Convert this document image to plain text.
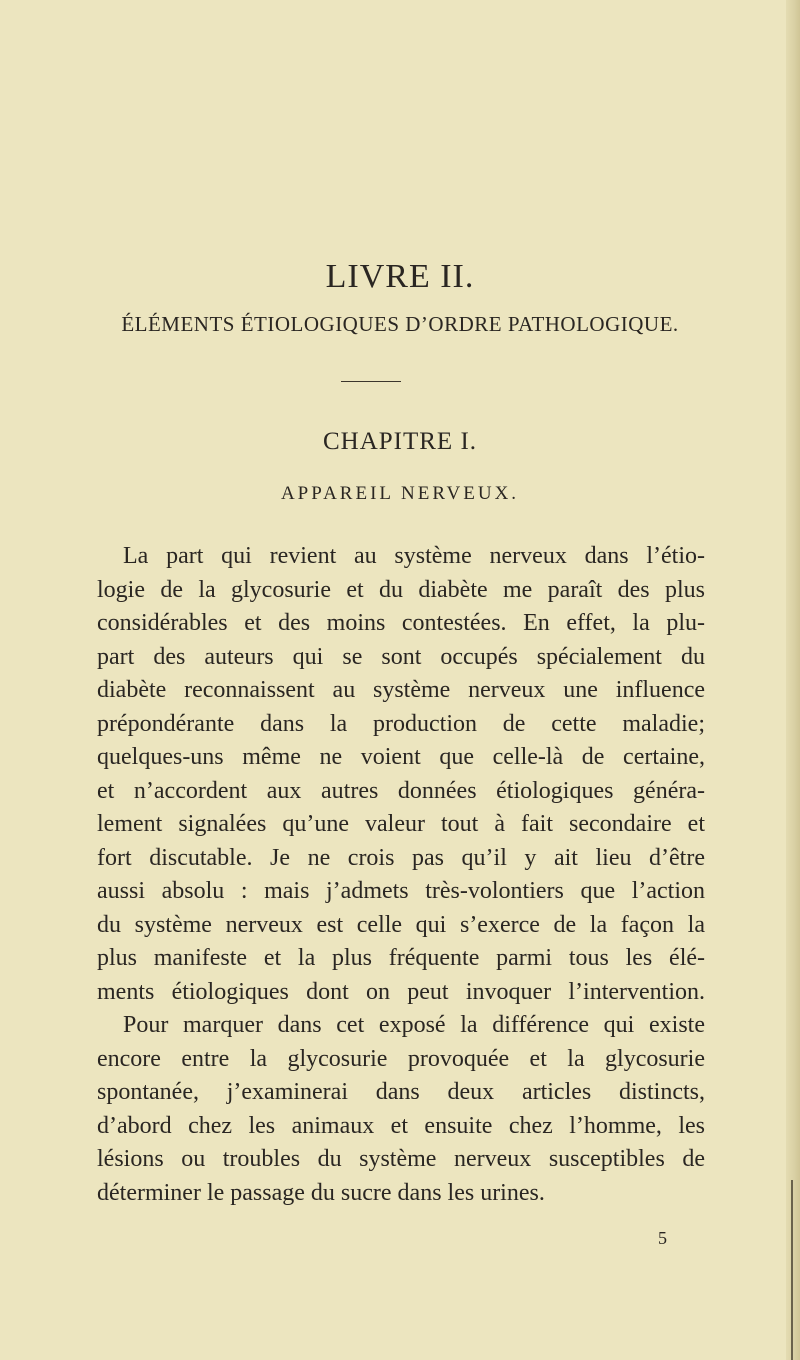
LIVRE II.
ÉLÉMENTS ÉTIOLOGIQUES D’ORDRE PATHOLOGIQUE.
CHAPITRE I.
APPAREIL NERVEUX.
La part qui revient au système nerveux dans l’étio-
logie de la glycosurie et du diabète me paraît des plus
considérables et des moins contestées. En effet, la plu-
part des auteurs qui se sont occupés spécialement du
diabète reconnaissent au système nerveux une influence
prépondérante dans la production de cette maladie;
quelques-uns même ne voient que celle-là de certaine,
et n’accordent aux autres données étiologiques généra-
lement signalées qu’une valeur tout à fait secondaire et
fort discutable. Je ne crois pas qu’il y ait lieu d’être
aussi absolu : mais j’admets très-volontiers que l’action
du système nerveux est celle qui s’exerce de la façon la
plus manifeste et la plus fréquente parmi tous les élé-
ments étiologiques dont on peut invoquer l’intervention.
Pour marquer dans cet exposé la différence qui existe
encore entre la glycosurie provoquée et la glycosurie
spontanée, j’examinerai dans deux articles distincts,
d’abord chez les animaux et ensuite chez l’homme, les
lésions ou troubles du système nerveux susceptibles de
déterminer le passage du sucre dans les urines.
5
